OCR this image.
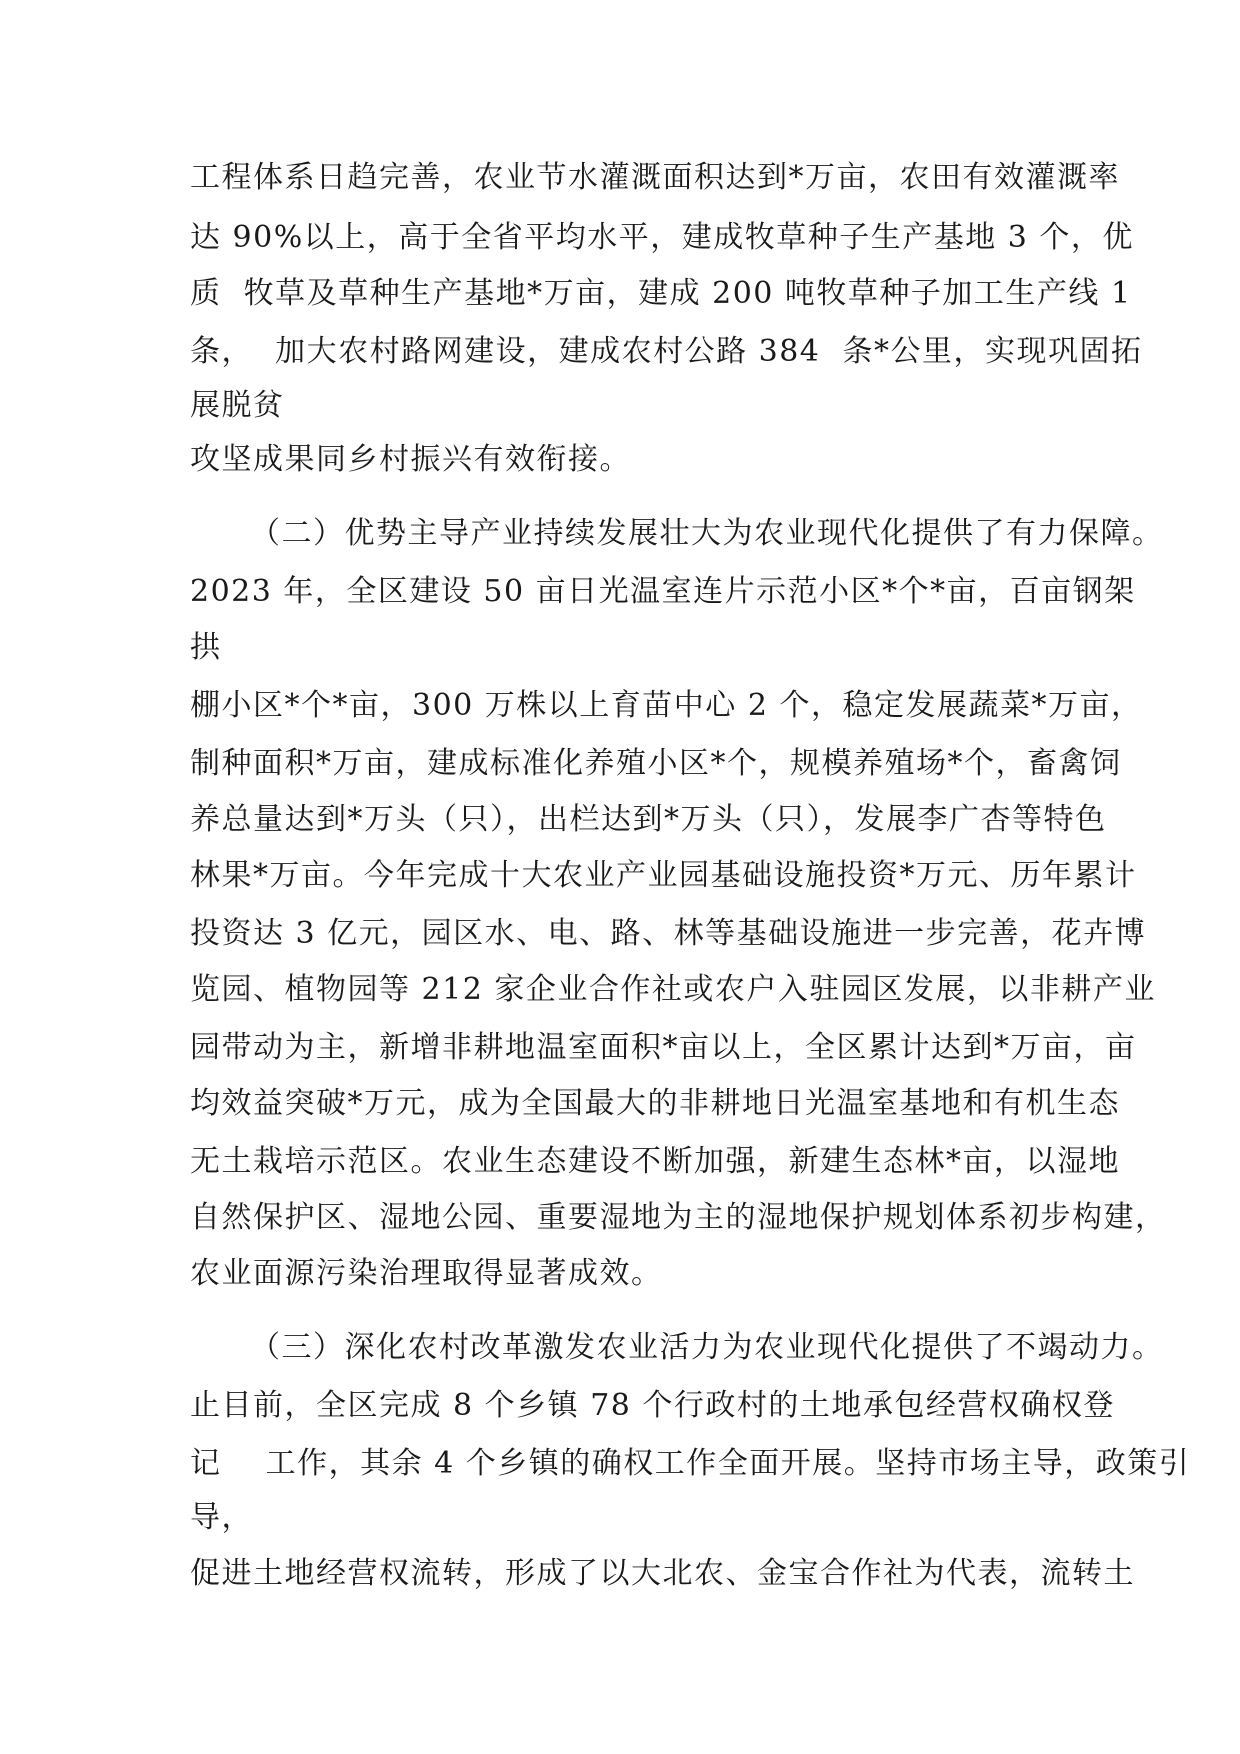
工程体系日趋完善，农业节水灌溉面积达到*万亩，农田有效灌溉率
达 90%以上，高于全省平均水平，建成牧草种子生产基地 3 个，优
质  牧草及草种生产基地*万亩，建成 200 吨牧草种子加工生产线 1
条，  加大农村路网建设，建成农村公路 384  条*公里，实现巩固拓
展脱贫
攻坚成果同乡村振兴有效衔接。
（二）优势主导产业持续发展壮大为农业现代化提供了有力保障。
2023 年，全区建设 50 亩日光温室连片示范小区*个*亩，百亩钢架
拱
棚小区*个*亩，300 万株以上育苗中心 2 个，稳定发展蔬菜*万亩，
制种面积*万亩，建成标准化养殖小区*个，规模养殖场*个，畜禽饲
养总量达到*万头（只），出栏达到*万头（只），发展李广杏等特色
林果*万亩。今年完成十大农业产业园基础设施投资*万元、历年累计
投资达 3 亿元，园区水、电、路、林等基础设施进一步完善，花卉博
览园、植物园等 212 家企业合作社或农户入驻园区发展，以非耕产业
园带动为主，新增非耕地温室面积*亩以上，全区累计达到*万亩，亩
均效益突破*万元，成为全国最大的非耕地日光温室基地和有机生态
无土栽培示范区。农业生态建设不断加强，新建生态林*亩，以湿地
自然保护区、湿地公园、重要湿地为主的湿地保护规划体系初步构建，
农业面源污染治理取得显著成效。
（三）深化农村改革激发农业活力为农业现代化提供了不竭动力。
止目前，全区完成 8 个乡镇 78 个行政村的土地承包经营权确权登
记    工作，其余 4 个乡镇的确权工作全面开展。坚持市场主导，政策引
导，
促进土地经营权流转，形成了以大北农、金宝合作社为代表，流转土
